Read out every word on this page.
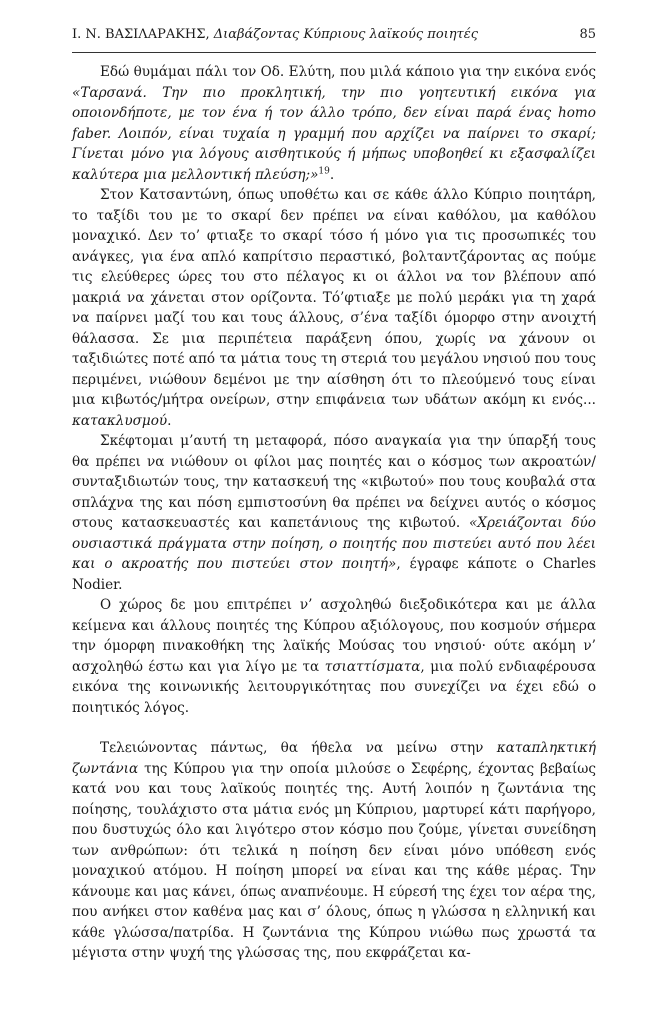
Ι. Ν. ΒΑΣΙΛΑΡΑΚΗΣ, Διαβάζοντας Κύπριους λαϊκούς ποιητές	85

Εδώ θυμάμαι πάλι τον Οδ. Ελύτη, που μιλά κάποιο για την εικόνα ενός «Ταρσανά. Την πιο προκλητική, την πιο γοητευτική εικόνα για οποιονδήποτε, με τον ένα ή τον άλλο τρόπο, δεν είναι παρά ένας homo faber. Λοιπόν, είναι τυχαία η γραμμή που αρχίζει να παίρνει το σκαρί; Γίνεται μόνο για λόγους αισθητικούς ή μήπως υποβοηθεί κι εξασφαλίζει καλύτερα μια μελλοντική πλεύση;»$^{19}$.

Στον Κατσαντώνη, όπως υποθέτω και σε κάθε άλλο Κύπριο ποιητάρη, το ταξίδι του με το σκαρί δεν πρέπει να είναι καθόλου, μα καθόλου μοναχικό. Δεν το’ φτιαξε το σκαρί τόσο ή μόνο για τις προσωπικές του ανάγκες, για ένα απλό καπρίτσιο περαστικό, βολταντζάροντας ας πούμε τις ελεύθερες ώρες του στο πέλαγος κι οι άλλοι να τον βλέπουν από μακριά να χάνεται στον ορίζοντα. Τό’φτιαξε με πολύ μεράκι για τη χαρά να παίρνει μαζί του και τους άλλους, σ’ένα ταξίδι όμορφο στην ανοιχτή θάλασσα. Σε μια περιπέτεια παράξενη όπου, χωρίς να χάνουν οι ταξιδιώτες ποτέ από τα μάτια τους τη στεριά του μεγάλου νησιού που τους περιμένει, νιώθουν δεμένοι με την αίσθηση ότι το πλεούμενό τους είναι μια κιβωτός/μήτρα ονείρων, στην επιφάνεια των υδάτων ακόμη κι ενός... κατακλυσμού.

Σκέφτομαι μ’αυτή τη μεταφορά, πόσο αναγκαία για την ύπαρξή τους θα πρέπει να νιώθουν οι φίλοι μας ποιητές και ο κόσμος των ακροατών/ συνταξιδιωτών τους, την κατασκευή της «κιβωτού» που τους κουβαλά στα σπλάχνα της και πόση εμπιστοσύνη θα πρέπει να δείχνει αυτός ο κόσμος στους κατασκευαστές και καπετάνιους της κιβωτού. «Χρειάζονται δύο ουσιαστικά πράγματα στην ποίηση, ο ποιητής που πιστεύει αυτό που λέει και ο ακροατής που πιστεύει στον ποιητή», έγραφε κάποτε ο Charles Nodier.

Ο χώρος δε μου επιτρέπει ν’ ασχοληθώ διεξοδικότερα και με άλλα κείμενα και άλλους ποιητές της Κύπρου αξιόλογους, που κοσμούν σήμερα την όμορφη πινακοθήκη της λαϊκής Μούσας του νησιού· ούτε ακόμη ν’ ασχοληθώ έστω και για λίγο με τα τσιαττίσματα, μια πολύ ενδιαφέρουσα εικόνα της κοινωνικής λειτουργικότητας που συνεχίζει να έχει εδώ ο ποιητικός λόγος.

Τελειώνοντας πάντως, θα ήθελα να μείνω στην καταπληκτική ζωντάνια της Κύπρου για την οποία μιλούσε ο Σεφέρης, έχοντας βεβαίως κατά νου και τους λαϊκούς ποιητές της. Αυτή λοιπόν η ζωντάνια της ποίησης, τουλάχιστο στα μάτια ενός μη Κύπριου, μαρτυρεί κάτι παρήγορο, που δυστυχώς όλο και λιγότερο στον κόσμο που ζούμε, γίνεται συνείδηση των ανθρώπων: ότι τελικά η ποίηση δεν είναι μόνο υπόθεση ενός μοναχικού ατόμου. Η ποίηση μπορεί να είναι και της κάθε μέρας. Την κάνουμε και μας κάνει, όπως αναπνέουμε. Η εύρεσή της έχει τον αέρα της, που ανήκει στον καθένα μας και σ’ όλους, όπως η γλώσσα η ελληνική και κάθε γλώσσα/πατρίδα. Η ζωντάνια της Κύπρου νιώθω πως χρωστά τα μέγιστα στην ψυχή της γλώσσας της, που εκφράζεται κα-
